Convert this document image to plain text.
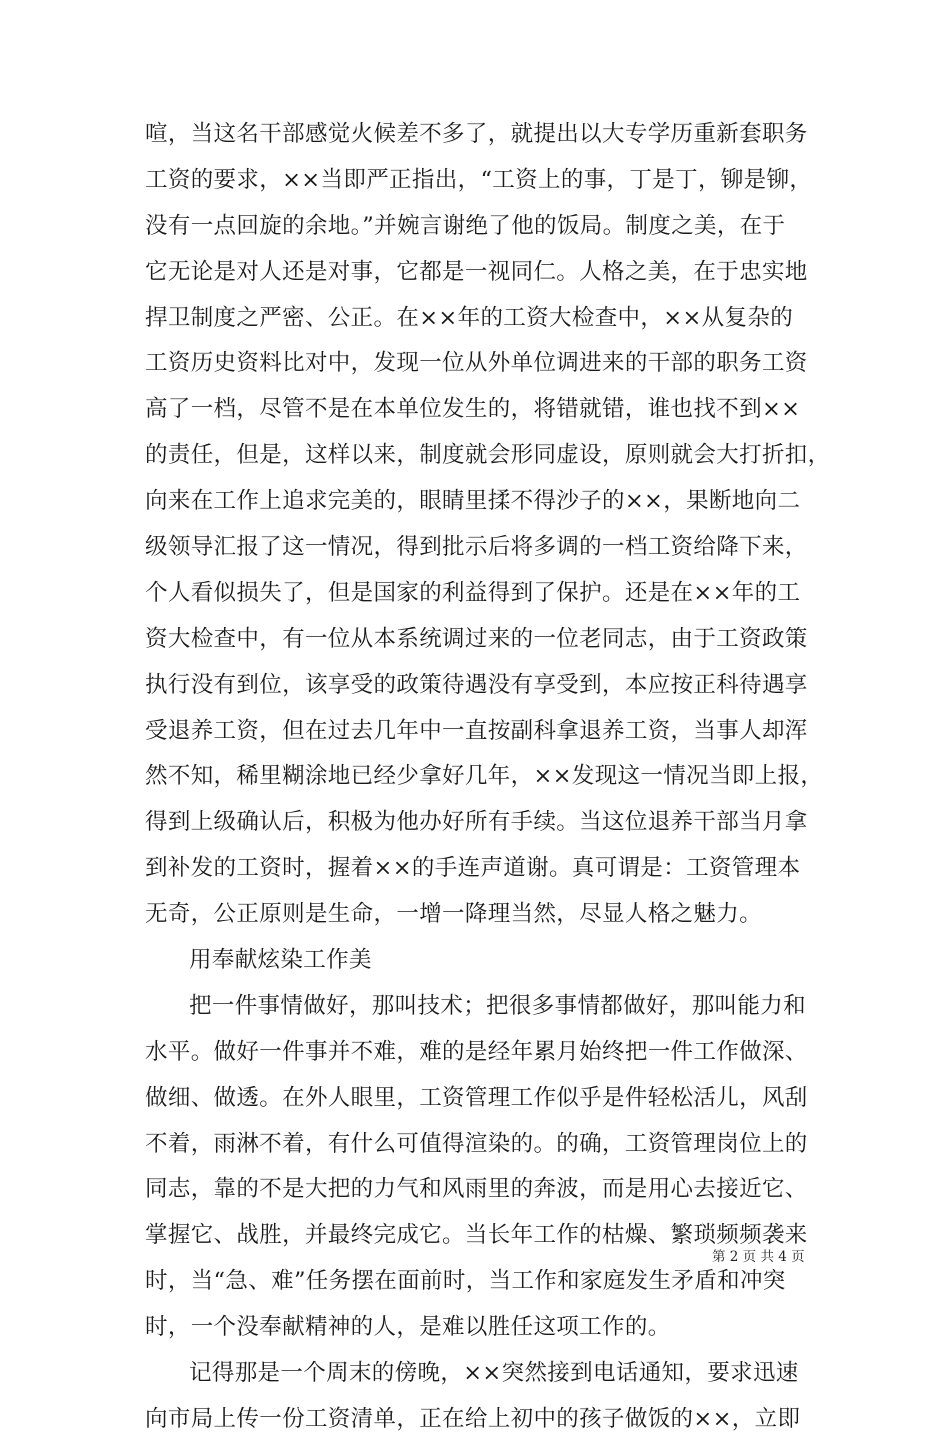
喧，当这名干部感觉火候差不多了，就提出以大专学历重新套职务
工资的要求，××当即严正指出，“工资上的事，丁是丁，铆是铆，
没有一点回旋的余地。”并婉言谢绝了他的饭局。制度之美，在于
它无论是对人还是对事，它都是一视同仁。人格之美，在于忠实地
捍卫制度之严密、公正。在××年的工资大检查中，××从复杂的
工资历史资料比对中，发现一位从外单位调进来的干部的职务工资
高了一档，尽管不是在本单位发生的，将错就错，谁也找不到××
的责任，但是，这样以来，制度就会形同虚设，原则就会大打折扣，
向来在工作上追求完美的，眼睛里揉不得沙子的××，果断地向二
级领导汇报了这一情况，得到批示后将多调的一档工资给降下来，
个人看似损失了，但是国家的利益得到了保护。还是在××年的工
资大检查中，有一位从本系统调过来的一位老同志，由于工资政策
执行没有到位，该享受的政策待遇没有享受到，本应按正科待遇享
受退养工资，但在过去几年中一直按副科拿退养工资，当事人却浑
然不知，稀里糊涂地已经少拿好几年，××发现这一情况当即上报，
得到上级确认后，积极为他办好所有手续。当这位退养干部当月拿
到补发的工资时，握着××的手连声道谢。真可谓是：工资管理本
无奇，公正原则是生命，一增一降理当然，尽显人格之魅力。
用奉献炫染工作美
把一件事情做好，那叫技术；把很多事情都做好，那叫能力和
水平。做好一件事并不难，难的是经年累月始终把一件工作做深、
做细、做透。在外人眼里，工资管理工作似乎是件轻松活儿，风刮
不着，雨淋不着，有什么可值得渲染的。的确，工资管理岗位上的
同志，靠的不是大把的力气和风雨里的奔波，而是用心去接近它、
掌握它、战胜，并最终完成它。当长年工作的枯燥、繁琐频频袭来
时，当“急、难”任务摆在面前时，当工作和家庭发生矛盾和冲突
时，一个没奉献精神的人，是难以胜任这项工作的。
记得那是一个周末的傍晚，××突然接到电话通知，要求迅速
向市局上传一份工资清单，正在给上初中的孩子做饭的××，立即
第 2 页 共 4 页
